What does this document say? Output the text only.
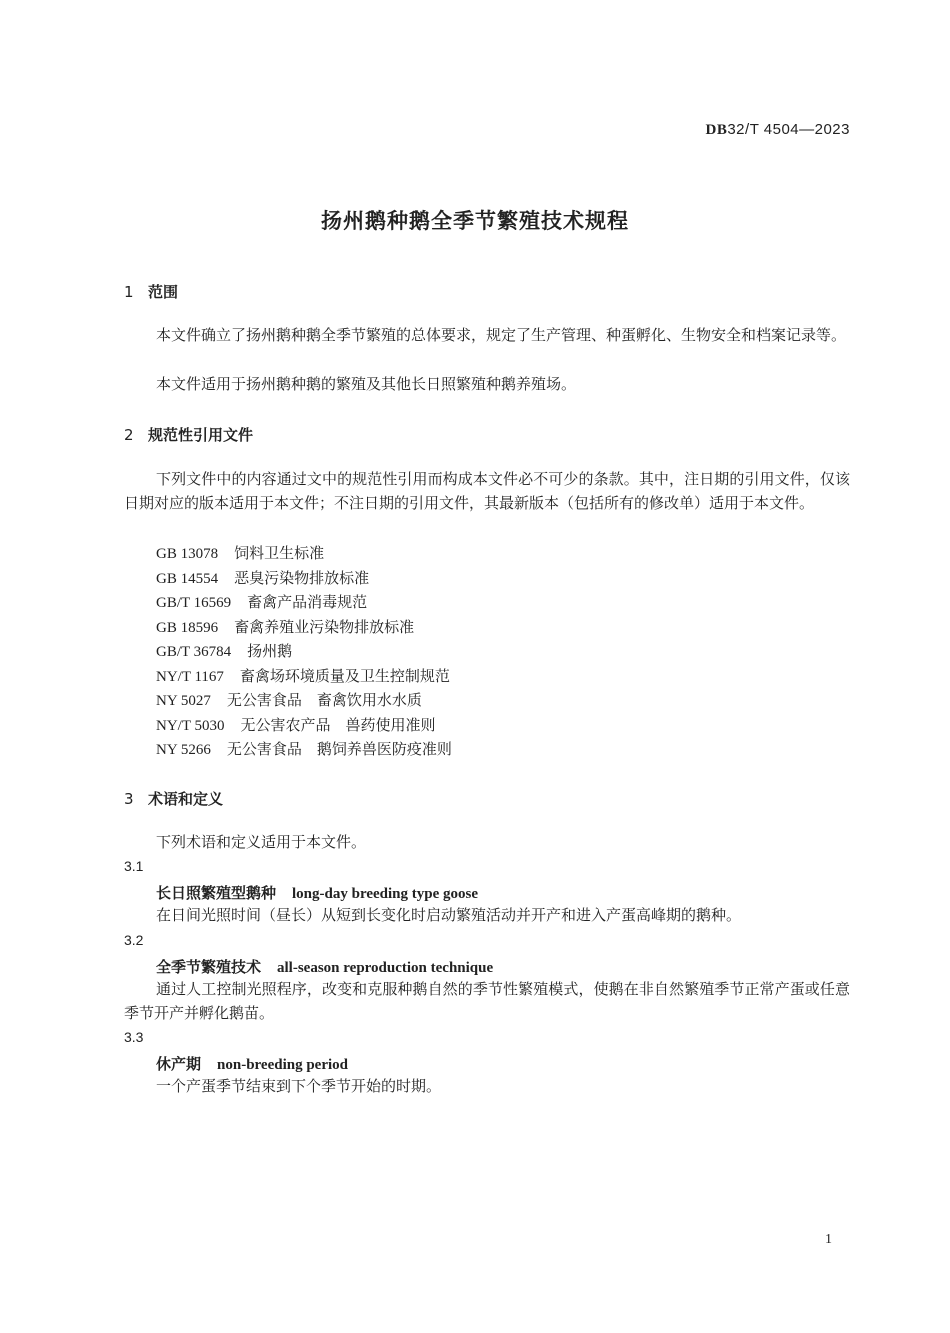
DB32/T 4504—2023
扬州鹅种鹅全季节繁殖技术规程
1 范围
本文件确立了扬州鹅种鹅全季节繁殖的总体要求，规定了生产管理、种蛋孵化、生物安全和档案记录等。
本文件适用于扬州鹅种鹅的繁殖及其他长日照繁殖种鹅养殖场。
2 规范性引用文件
下列文件中的内容通过文中的规范性引用而构成本文件必不可少的条款。其中，注日期的引用文件，仅该日期对应的版本适用于本文件；不注日期的引用文件，其最新版本（包括所有的修改单）适用于本文件。
GB 13078 饲料卫生标准
GB 14554 恶臭污染物排放标准
GB/T 16569 畜禽产品消毒规范
GB 18596 畜禽养殖业污染物排放标准
GB/T 36784 扬州鹅
NY/T 1167 畜禽场环境质量及卫生控制规范
NY 5027 无公害食品　畜禽饮用水水质
NY/T 5030 无公害农产品　兽药使用准则
NY 5266 无公害食品　鹅饲养兽医防疫准则
3 术语和定义
下列术语和定义适用于本文件。
3.1
长日照繁殖型鹅种 long-day breeding type goose
在日间光照时间（昼长）从短到长变化时启动繁殖活动并开产和进入产蛋高峰期的鹅种。
3.2
全季节繁殖技术 all-season reproduction technique
通过人工控制光照程序，改变和克服种鹅自然的季节性繁殖模式，使鹅在非自然繁殖季节正常产蛋或任意季节开产并孵化鹅苗。
3.3
休产期 non-breeding period
一个产蛋季节结束到下个季节开始的时期。
1
